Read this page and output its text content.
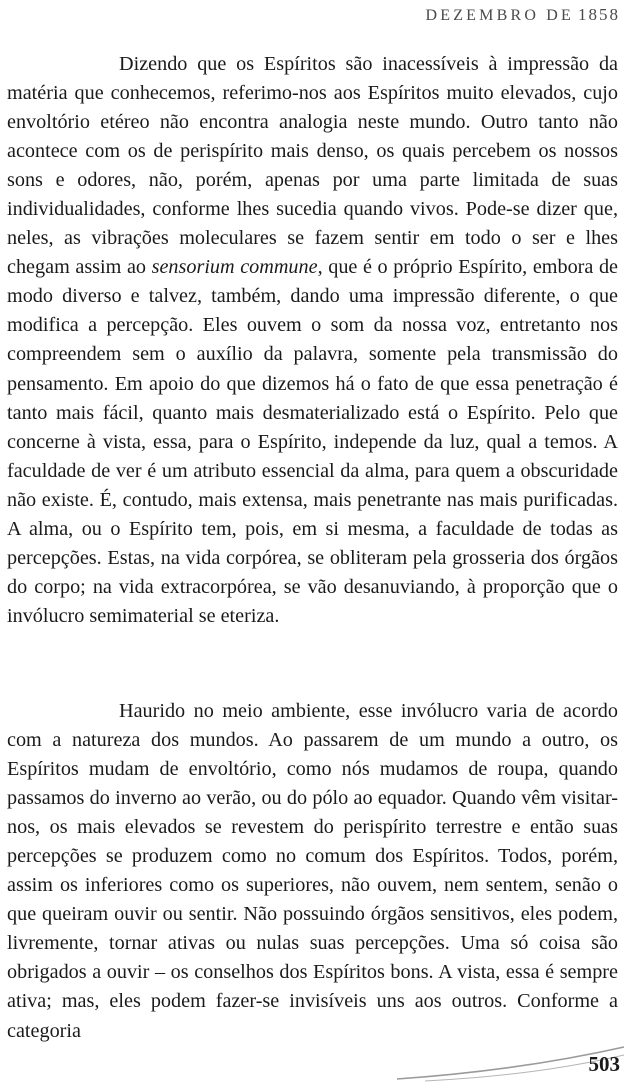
DEZEMBRO DE 1858

Dizendo que os Espíritos são inacessíveis à impressão da matéria que conhecemos, referimo-nos aos Espíritos muito elevados, cujo envoltório etéreo não encontra analogia neste mundo. Outro tanto não acontece com os de perispírito mais denso, os quais percebem os nossos sons e odores, não, porém, apenas por uma parte limitada de suas individualidades, conforme lhes sucedia quando vivos. Pode-se dizer que, neles, as vibrações moleculares se fazem sentir em todo o ser e lhes chegam assim ao sensorium commune, que é o próprio Espírito, embora de modo diverso e talvez, também, dando uma impressão diferente, o que modifica a percepção. Eles ouvem o som da nossa voz, entretanto nos compreendem sem o auxílio da palavra, somente pela transmissão do pensamento. Em apoio do que dizemos há o fato de que essa penetração é tanto mais fácil, quanto mais desmaterializado está o Espírito. Pelo que concerne à vista, essa, para o Espírito, independe da luz, qual a temos. A faculdade de ver é um atributo essencial da alma, para quem a obscuridade não existe. É, contudo, mais extensa, mais penetrante nas mais purificadas. A alma, ou o Espírito tem, pois, em si mesma, a faculdade de todas as percepções. Estas, na vida corpórea, se obliteram pela grosseria dos órgãos do corpo; na vida extracorpórea, se vão desanuviando, à proporção que o invólucro semimaterial se eteriza.

Haurido no meio ambiente, esse invólucro varia de acordo com a natureza dos mundos. Ao passarem de um mundo a outro, os Espíritos mudam de envoltório, como nós mudamos de roupa, quando passamos do inverno ao verão, ou do pólo ao equador. Quando vêm visitar-nos, os mais elevados se revestem do perispírito terrestre e então suas percepções se produzem como no comum dos Espíritos. Todos, porém, assim os inferiores como os superiores, não ouvem, nem sentem, senão o que queiram ouvir ou sentir. Não possuindo órgãos sensitivos, eles podem, livremente, tornar ativas ou nulas suas percepções. Uma só coisa são obrigados a ouvir – os conselhos dos Espíritos bons. A vista, essa é sempre ativa; mas, eles podem fazer-se invisíveis uns aos outros. Conforme a categoria

503
